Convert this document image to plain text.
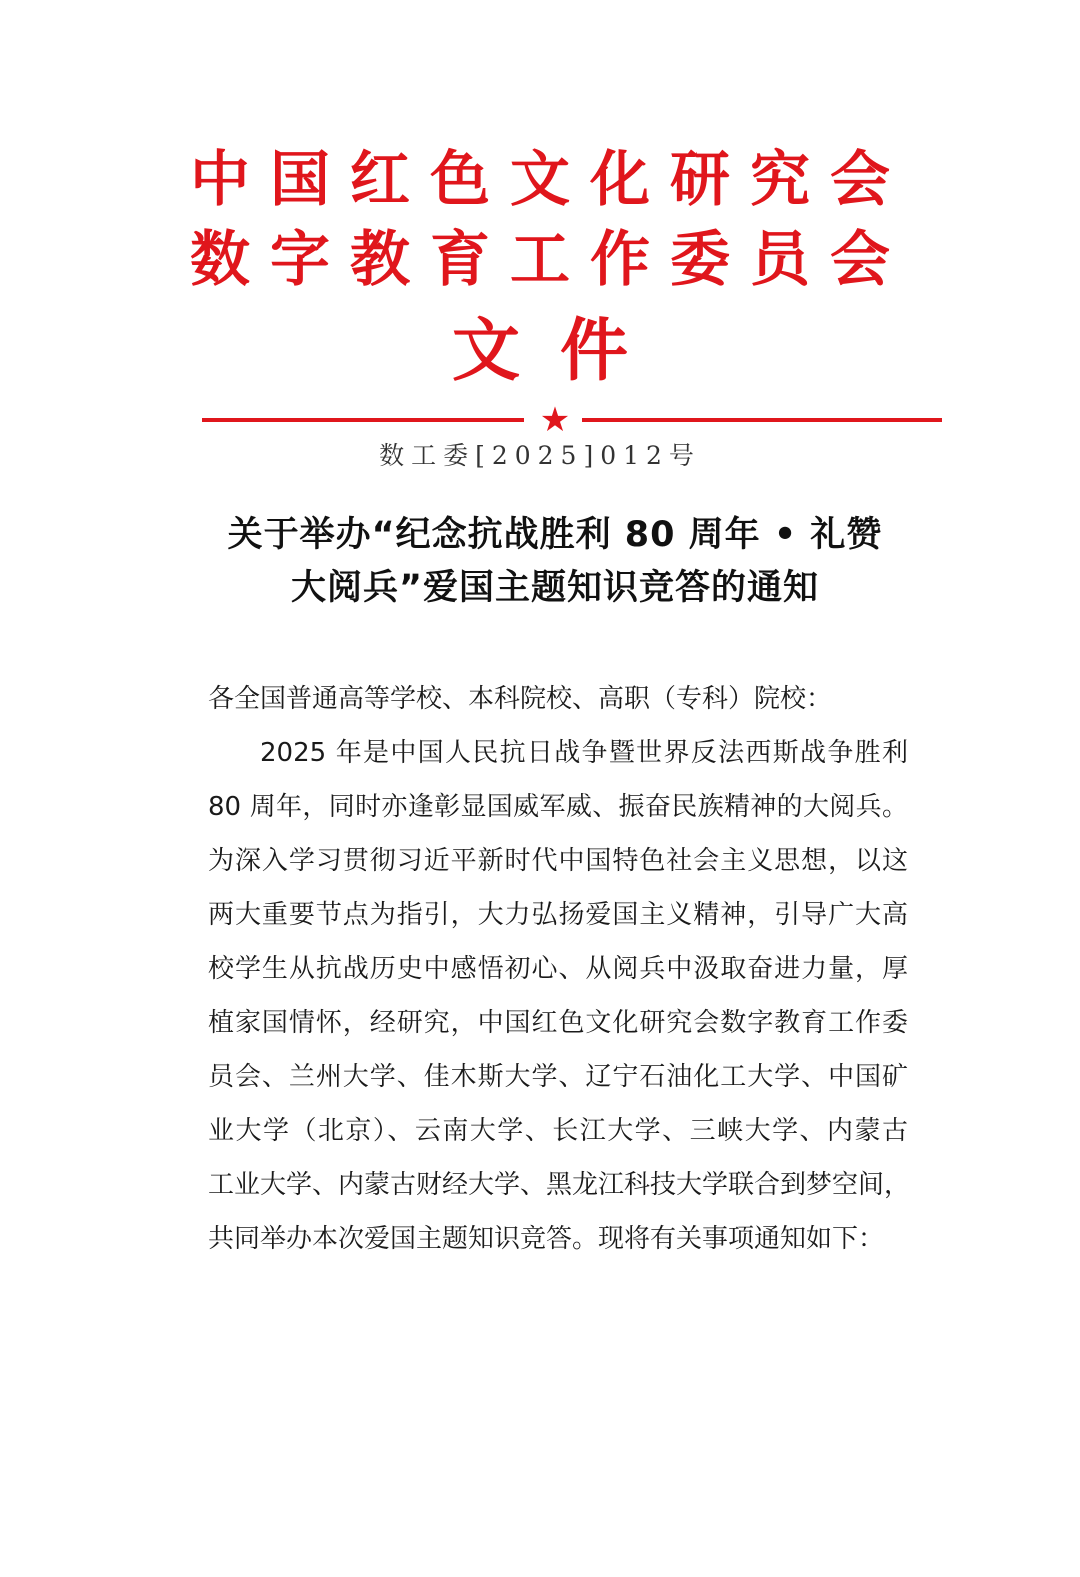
中国红色文化研究会
数字教育工作委员会
文件
★
数工委[2025]012号
关于举办“纪念抗战胜利 80 周年 • 礼赞
大阅兵”爱国主题知识竞答的通知
各全国普通高等学校、本科院校、高职（专科）院校：
2025 年是中国人民抗日战争暨世界反法西斯战争胜利
80 周年，同时亦逢彰显国威军威、振奋民族精神的大阅兵。
为深入学习贯彻习近平新时代中国特色社会主义思想，以这
两大重要节点为指引，大力弘扬爱国主义精神，引导广大高
校学生从抗战历史中感悟初心、从阅兵中汲取奋进力量，厚
植家国情怀，经研究，中国红色文化研究会数字教育工作委
员会、兰州大学、佳木斯大学、辽宁石油化工大学、中国矿
业大学（北京）、云南大学、长江大学、三峡大学、内蒙古
工业大学、内蒙古财经大学、黑龙江科技大学联合到梦空间，
共同举办本次爱国主题知识竞答。现将有关事项通知如下：
